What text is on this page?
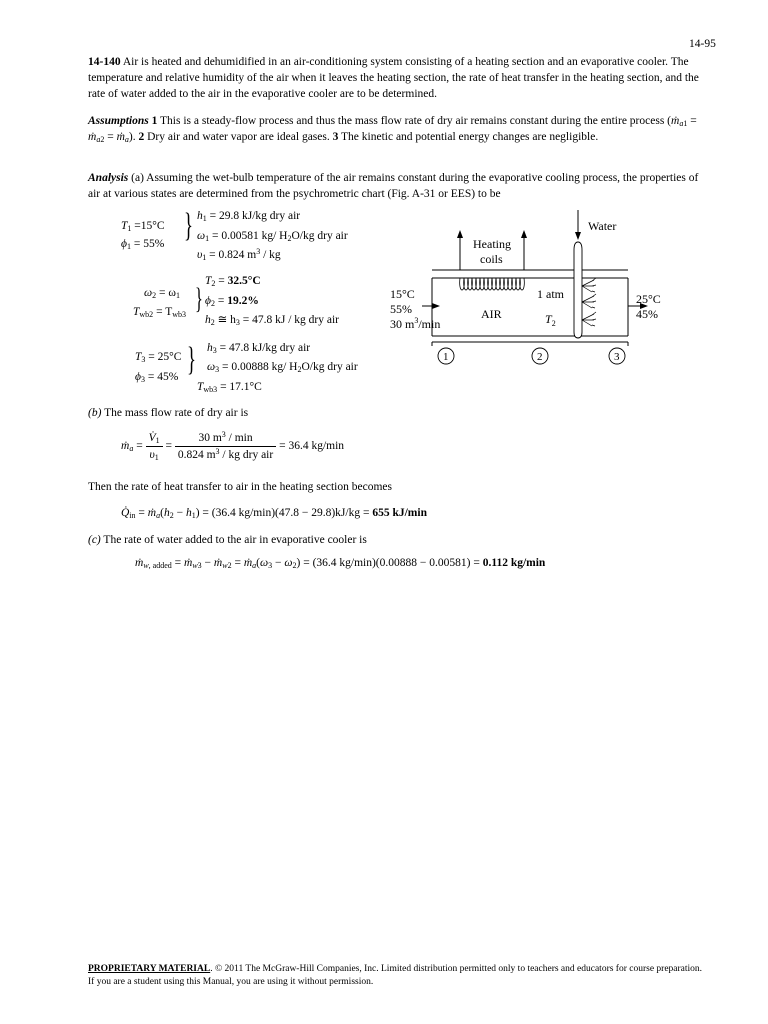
14-95
14-140 Air is heated and dehumidified in an air-conditioning system consisting of a heating section and an evaporative cooler. The temperature and relative humidity of the air when it leaves the heating section, the rate of heat transfer in the heating section, and the rate of water added to the air in the evaporative cooler are to be determined.
Assumptions 1 This is a steady-flow process and thus the mass flow rate of dry air remains constant during the entire process (ṁ$_{a1}$ = ṁ$_{a2}$ = ṁ$_a$). 2 Dry air and water vapor are ideal gases. 3 The kinetic and potential energy changes are negligible.
Analysis (a) Assuming the wet-bulb temperature of the air remains constant during the evaporative cooling process, the properties of air at various states are determined from the psychrometric chart (Fig. A-31 or EES) to be
$T_1 =15^\circ C$
$\phi_1 = 55\%$ } $h_1 = 29.8$ kJ/kg dry air
$\omega_1 = 0.00581$ kg/ $H_2O/kg$ dry air
$\upsilon_1 = 0.824$ $m^3$ / kg
$\omega_2 = \omega_1$
$T_{wb2} = T_{wb3}$ }
$T_2 = 32.5^\circ C$
$\phi_2 = 19.2\%$
$h_2$ ≅ $h_3 = 47.8$ kJ / kg dry air
$T_3 = 25^\circ C$
$\phi_3 = 45\%$ } $h_3 = 47.8$ kJ/kg dry air
$\omega_3 = 0.00888$ kg/ $H_2O/kg$ dry air
$T_{wb3} = 17.1^\circ C$
Water
Heating
coils
1 atm
AIR	$T_2$
15°C
55%
30 $m^3/\min$
25°C
45%
1	2	3
(b) The mass flow rate of dry air is
ṁ$_a$ = $\frac{V̇_1}{\upsilon_1} = \frac{30 m^3 / \min}{0.824 m^3 / kg dry air} = 36.4$ kg/min
Then the rate of heat transfer to air in the heating section becomes
$Q̇_{in}$ = $ṁ_a(h_2 - h_1) = (36.4$ kg/min)(47.8 − 29.8)kJ/kg = 655 kJ/min
(c) The rate of water added to the air in evaporative cooler is
ṁ$_{w, added}$ = ṁ$_{w3}$ − ṁ$_{w2}$ = $ṁ_a(\omega_3 - \omega_2) = (36.4$ kg/min)(0.00888 − 0.00581) = 0.112 kg/min
PROPRIETARY MATERIAL. © 2011 The McGraw-Hill Companies, Inc. Limited distribution permitted only to teachers and educators for course preparation. If you are a student using this Manual, you are using it without permission.
